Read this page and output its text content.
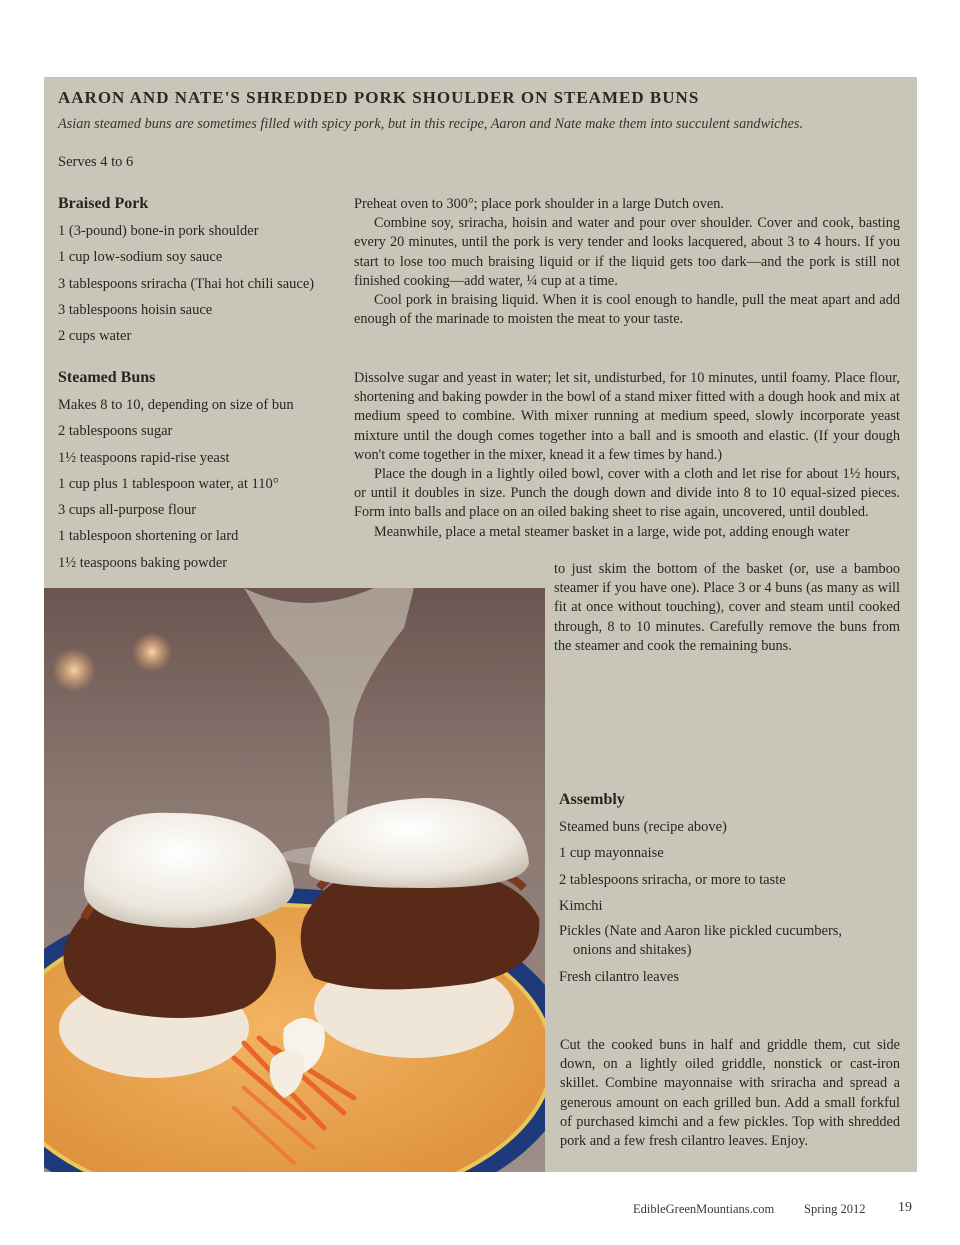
AARON AND NATE'S SHREDDED PORK SHOULDER ON STEAMED BUNS
Asian steamed buns are sometimes filled with spicy pork, but in this recipe, Aaron and Nate make them into succulent sandwiches.
Serves 4 to 6
Braised Pork
1 (3-pound) bone-in pork shoulder
1 cup low-sodium soy sauce
3 tablespoons sriracha (Thai hot chili sauce)
3 tablespoons hoisin sauce
2 cups water

Preheat oven to 300°; place pork shoulder in a large Dutch oven.

Combine soy, sriracha, hoisin and water and pour over shoulder. Cover and cook, basting every 20 minutes, until the pork is very tender and looks lacquered, about 3 to 4 hours. If you start to lose too much braising liquid or if the liquid gets too dark—and the pork is still not finished cooking—add water, ¼ cup at a time.

Cool pork in braising liquid. When it is cool enough to handle, pull the meat apart and add enough of the marinade to moisten the meat to your taste.

Steamed Buns
Makes 8 to 10, depending on size of bun
2 tablespoons sugar
1½ teaspoons rapid-rise yeast
1 cup plus 1 tablespoon water, at 110°
3 cups all-purpose flour
1 tablespoon shortening or lard
1½ teaspoons baking powder

Dissolve sugar and yeast in water; let sit, undisturbed, for 10 minutes, until foamy. Place flour, shortening and baking powder in the bowl of a stand mixer fitted with a dough hook and mix at medium speed to combine. With mixer running at medium speed, slowly incorporate yeast mixture until the dough comes together into a ball and is smooth and elastic. (If your dough won't come together in the mixer, knead it a few times by hand.)

Place the dough in a lightly oiled bowl, cover with a cloth and let rise for about 1½ hours, or until it doubles in size. Punch the dough down and divide into 8 to 10 equal-sized pieces. Form into balls and place on an oiled baking sheet to rise again, uncovered, until doubled.

Meanwhile, place a metal steamer basket in a large, wide pot, adding enough water

to just skim the bottom of the basket (or, use a bamboo steamer if you have one). Place 3 or 4 buns (as many as will fit at once without touching), cover and steam until cooked through, 8 to 10 minutes. Carefully remove the buns from the steamer and cook the remaining buns.

Assembly
Steamed buns (recipe above)
1 cup mayonnaise
2 tablespoons sriracha, or more to taste
Kimchi
Pickles (Nate and Aaron like pickled cucumbers,
onions and shitakes)
Fresh cilantro leaves

Cut the cooked buns in half and griddle them, cut side down, on a lightly oiled griddle, nonstick or cast-iron skillet. Combine mayonnaise with sriracha and spread a generous amount on each grilled bun. Add a small forkful of purchased kimchi and a few pickles. Top with shredded pork and a few fresh cilantro leaves. Enjoy.

EdibleGreenMountians.com Spring 2012 19
